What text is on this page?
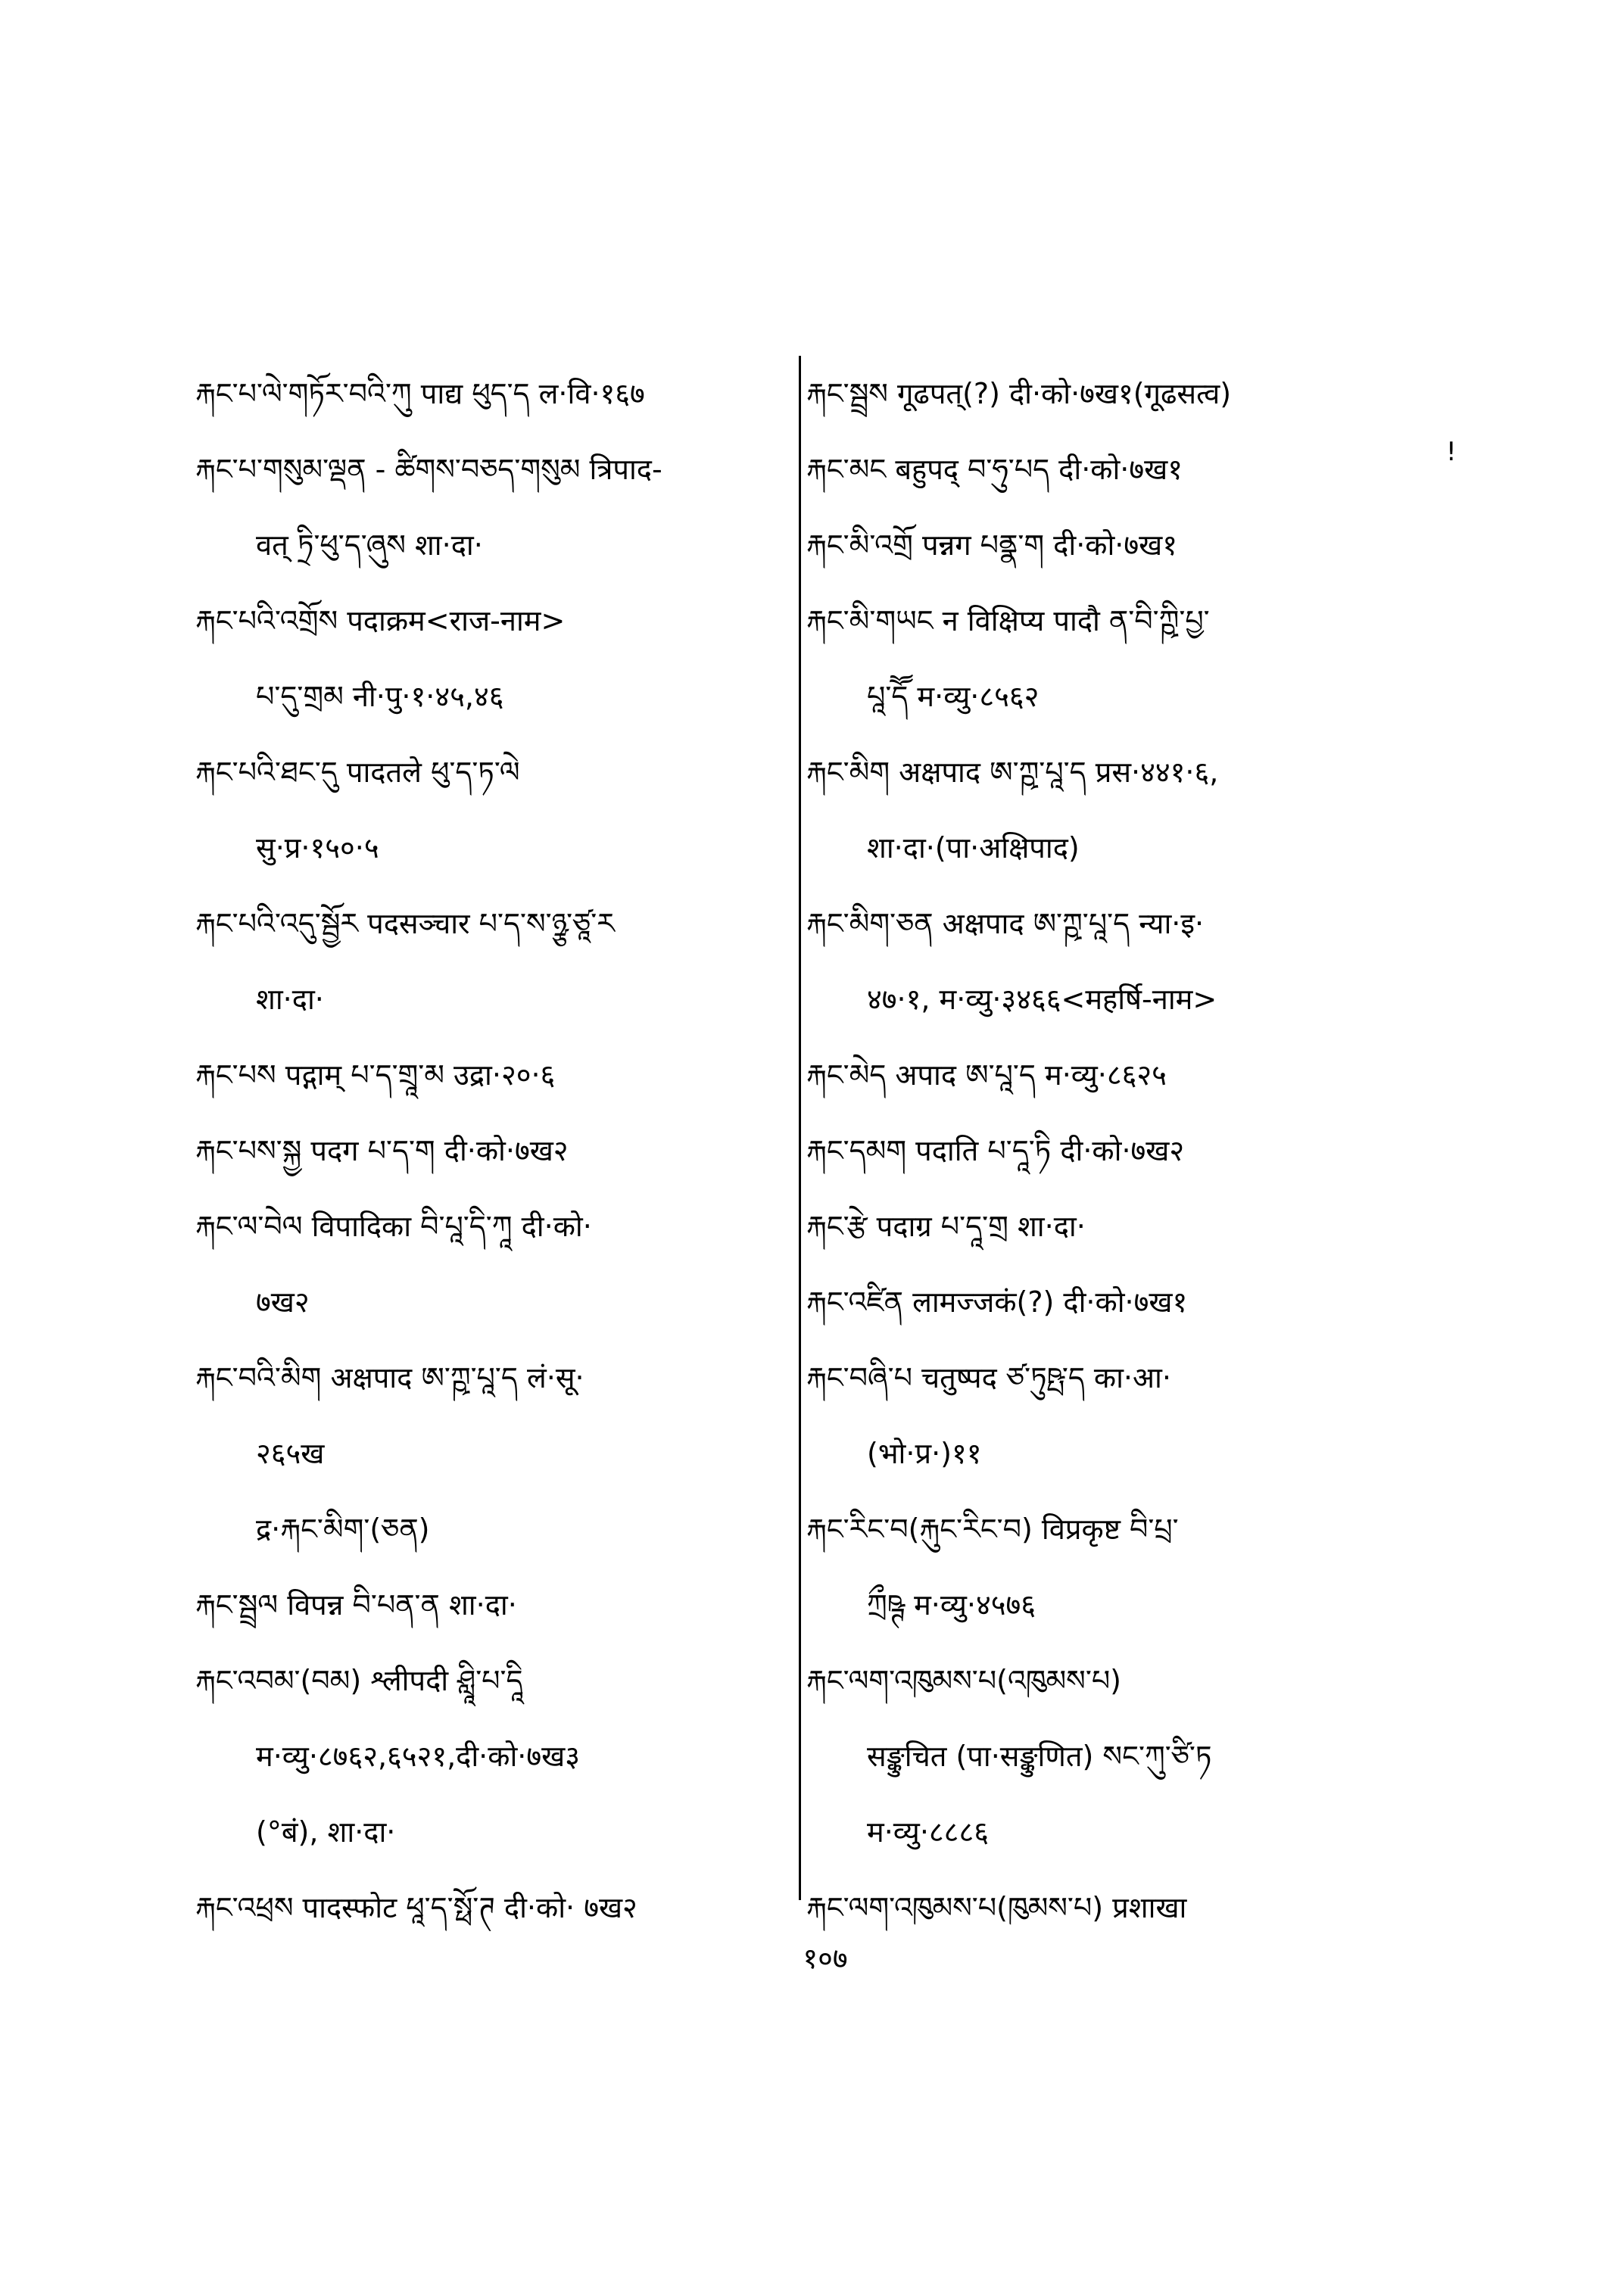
རྐང་པ་ལེ་གཏོར་བའི་ཀུ पाद्य ཕུད་ད ल·वि·१६७
རྐང་པ་གསུམ་ལྡན - ཚིགས་བཅད་གསུམ त्रिपाद-
वत् ཏྲི་ཕུ་ད་ཞུས शा·दा·
རྐང་པའི་འགྲོས पदाक्रम<राज-नाम>
པ་དུ་གྲམ नी·पु·१·४५,४६
རྐང་པའི་ཐང་དུ पादतले ཕུ་ད་ཏ་ལེ
सु·प्र·१५०·५
རྐང་པའི་འདུ་སྦྱོར पदसञ्चार པ་ད་ས་ཉྩ་ཙཱ་ར
शा·दा·
རྐང་པས पद्गाम् པ་ད་གྲཱ་མ उद्रा·२०·६
རྐང་པས་སྐྱ पदग པ་ད་ག दी·को·७ख२
རྐང་ལ་བེལ विपादिका བི་པཱ་དི་ཀཱ दी·को·
७ख२
རྐང་བའི་མིག अक्षपाद ཨ་ཀྵ་པཱ་ད लं·सू·
२६५ख
द्र·རྐང་མིག་(ཅན)
རྐང་སྦྲལ विपन्न བི་པན་ན शा·दा·
རྐང་འབམ་(བམ) श्लीपदी ཤླཱི་པ་དཱི
म·व्यु·८७६२,६५२१,दी·को·७ख३
(°बं), शा·दा·
རྐང་འཕྲས पादस्फोट ཕཱ་ད་སྥོ་ཊ दी·को· ७ख२
རྐང་སྦྲས गूढपत्(?) दी·को·७ख१(गूढसत्व)
རྐང་མང बहुपद् བ་ཧུ་པད दी·को·७ख१
རྐང་མི་འགྲོ पन्नग པནྣ་ག दी·को·७ख१
རྐང་མི་གཡང न विक्षिप्य पादौ ན་བི་ཀྵི་པྱ་
པཱ་དཽ म·व्यु·८५६२
རྐང་མིག अक्षपाद ཨ་ཀྵ་པཱ་ད प्रस·४४१·६,
शा·दा·(पा·अक्षिपाद)
རྐང་མིག་ཅན अक्षपाद ཨ་ཀྵ་པཱ་ད न्या·इ·
४७·१, म·व्यु·३४६६<महर्षि-नाम>
རྐང་མེད अपाद ཨ་པཱ་ད म·व्यु·८६२५
རྐང་དམག पदाति པ་དཱ་ཏི दी·को·७ख२
རྐང་རྩེ पदाग्र པ་དཱ་གྲ शा·दा·
རྐང་འཛིན लामज्जकं(?) दी·को·७ख१
རྐང་བཞི་པ चतुष्पद ཙ་ཏུཥྤ་ད का·आ·
(भो·प्र·)११
རྐང་རིང་བ(རྐུང་རིང་བ) विप्रकृष्ट བི་པྲ་
ཀྲྀཥྚ म·व्यु·४५७६
རྐང་ལག་འཁུམས་པ(འཁུམས་པ)
सङ्कुचित (पा·सङ्कुणित) སང་ཀུ་ཙི་ཏ
म·व्यु·८८८६
རྐང་ལག་འཁུམས་པ(ཁུམས་པ) प्रशाखा
!
१०७
